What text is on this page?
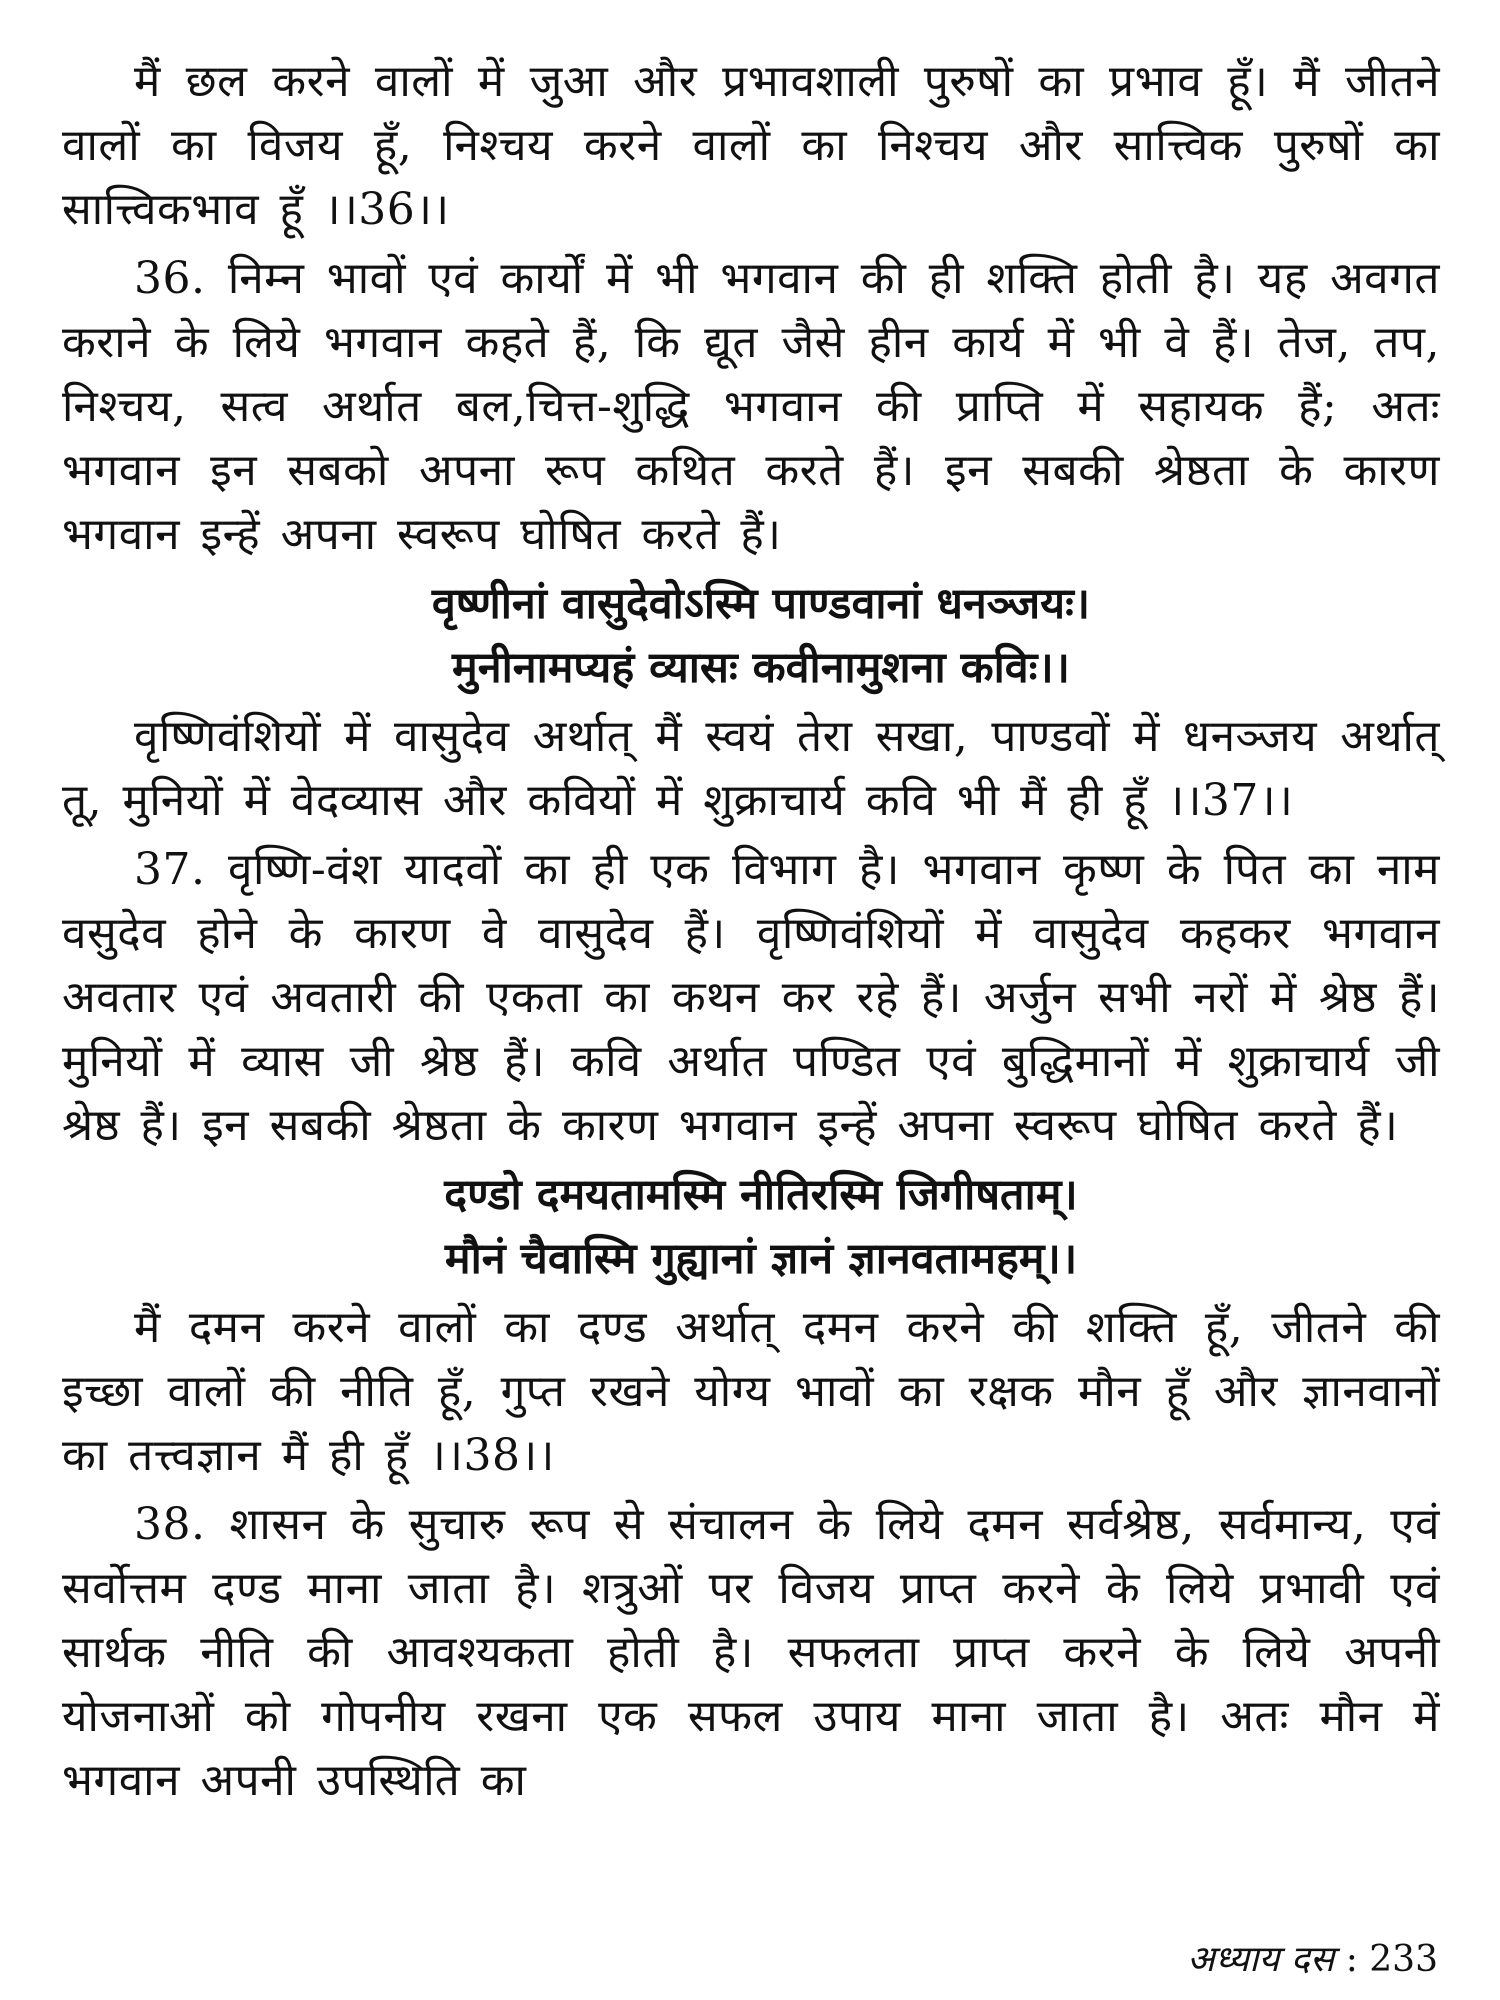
मैं छल करने वालों में जुआ और प्रभावशाली पुरुषों का प्रभाव हूँ। मैं जीतने वालों का विजय हूँ, निश्चय करने वालों का निश्चय और सात्त्विक पुरुषों का सात्त्विकभाव हूँ ।।36।।

36. निम्न भावों एवं कार्यों में भी भगवान की ही शक्ति होती है। यह अवगत कराने के लिये भगवान कहते हैं, कि द्यूत जैसे हीन कार्य में भी वे हैं। तेज, तप, निश्चय, सत्व अर्थात बल,चित्त-शुद्धि भगवान की प्राप्ति में सहायक हैं; अतः भगवान इन सबको अपना रूप कथित करते हैं। इन सबकी श्रेष्ठता के कारण भगवान इन्हें अपना स्वरूप घोषित करते हैं।

वृष्णीनां वासुदेवोऽस्मि पाण्डवानां धनञ्जयः।
मुनीनामप्यहं व्यासः कवीनामुशना कविः।।

वृष्णिवंशियों में वासुदेव अर्थात् मैं स्वयं तेरा सखा, पाण्डवों में धनञ्जय अर्थात् तू, मुनियों में वेदव्यास और कवियों में शुक्राचार्य कवि भी मैं ही हूँ ।।37।।

37. वृष्णि-वंश यादवों का ही एक विभाग है। भगवान कृष्ण के पित का नाम वसुदेव होने के कारण वे वासुदेव हैं। वृष्णिवंशियों में वासुदेव कहकर भगवान अवतार एवं अवतारी की एकता का कथन कर रहे हैं। अर्जुन सभी नरों में श्रेष्ठ हैं। मुनियों में व्यास जी श्रेष्ठ हैं। कवि अर्थात पण्डित एवं बुद्धिमानों में शुक्राचार्य जी श्रेष्ठ हैं। इन सबकी श्रेष्ठता के कारण भगवान इन्हें अपना स्वरूप घोषित करते हैं।

दण्डो दमयतामस्मि नीतिरस्मि जिगीषताम्।
मौनं चैवास्मि गुह्यानां ज्ञानं ज्ञानवतामहम्।।

मैं दमन करने वालों का दण्ड अर्थात् दमन करने की शक्ति हूँ, जीतने की इच्छा वालों की नीति हूँ, गुप्त रखने योग्य भावों का रक्षक मौन हूँ और ज्ञानवानों का तत्त्वज्ञान मैं ही हूँ ।।38।।

38. शासन के सुचारु रूप से संचालन के लिये दमन सर्वश्रेष्ठ, सर्वमान्य, एवं सर्वोत्तम दण्ड माना जाता है। शत्रुओं पर विजय प्राप्त करने के लिये प्रभावी एवं सार्थक नीति की आवश्यकता होती है। सफलता प्राप्त करने के लिये अपनी योजनाओं को गोपनीय रखना एक सफल उपाय माना जाता है। अतः मौन में भगवान अपनी उपस्थिति का

अध्याय दस : 233
